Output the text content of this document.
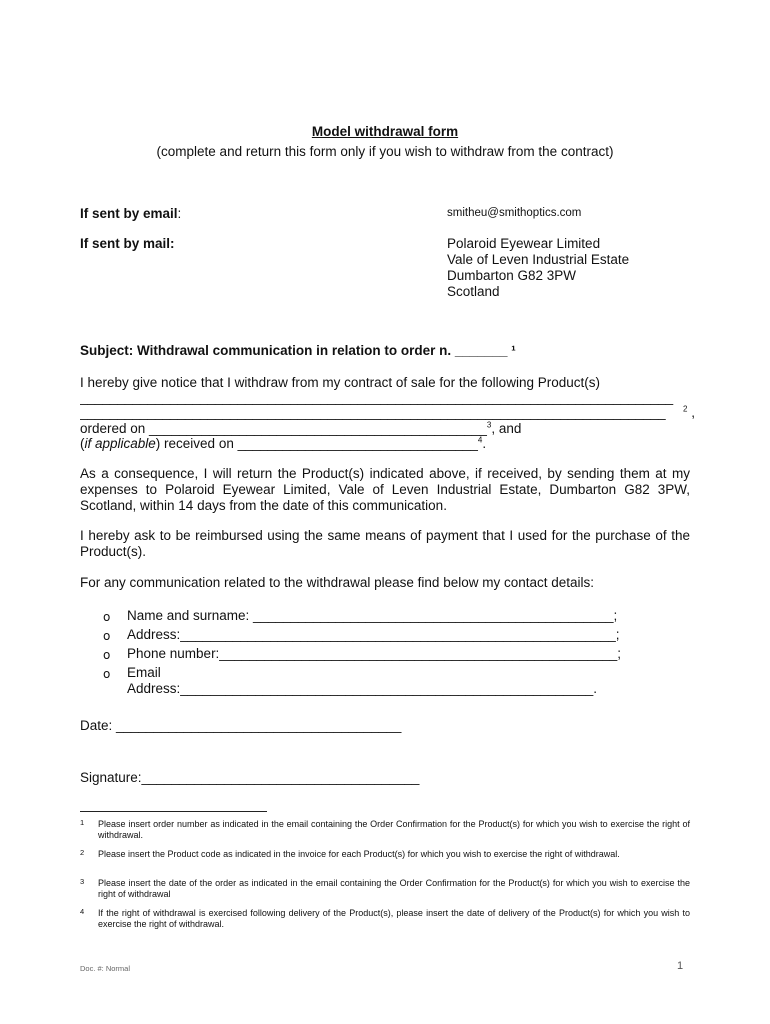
Model withdrawal form
(complete and return this form only if you wish to withdraw from the contract)
If sent by email:	smitheu@smithoptics.com
If sent by mail:	Polaroid Eyewear Limited
Vale of Leven Industrial Estate
Dumbarton G82 3PW
Scotland
Subject: Withdrawal communication in relation to order n. _______ ¹
I hereby give notice that I withdraw from my contract of sale for the following Product(s)
_______________________________________________________________________________
______________________________________________________________________________ $^2$ ,
ordered on _____________________________________________$^3$, and
(if applicable) received on ________________________________$^4$.
As a consequence, I will return the Product(s) indicated above, if received, by sending them at my expenses to Polaroid Eyewear Limited, Vale of Leven Industrial Estate, Dumbarton G82 3PW, Scotland, within 14 days from the date of this communication.
I hereby ask to be reimbursed using the same means of payment that I used for the purchase of the Product(s).
For any communication related to the withdrawal please find below my contact details:
o Name and surname: ________________________________________________;
o Address:__________________________________________________________;
o Phone number:_____________________________________________________;
o Email
Address:_______________________________________________________.
Date: ______________________________________
Signature:_____________________________________
1 Please insert order number as indicated in the email containing the Order Confirmation for the Product(s) for which you wish to exercise the right of withdrawal.
2 Please insert the Product code as indicated in the invoice for each Product(s) for which you wish to exercise the right of withdrawal.
3 Please insert the date of the order as indicated in the email containing the Order Confirmation for the Product(s) for which you wish to exercise the right of withdrawal
4 If the right of withdrawal is exercised following delivery of the Product(s), please insert the date of delivery of the Product(s) for which you wish to exercise the right of withdrawal.
Doc. #: Normal	1
